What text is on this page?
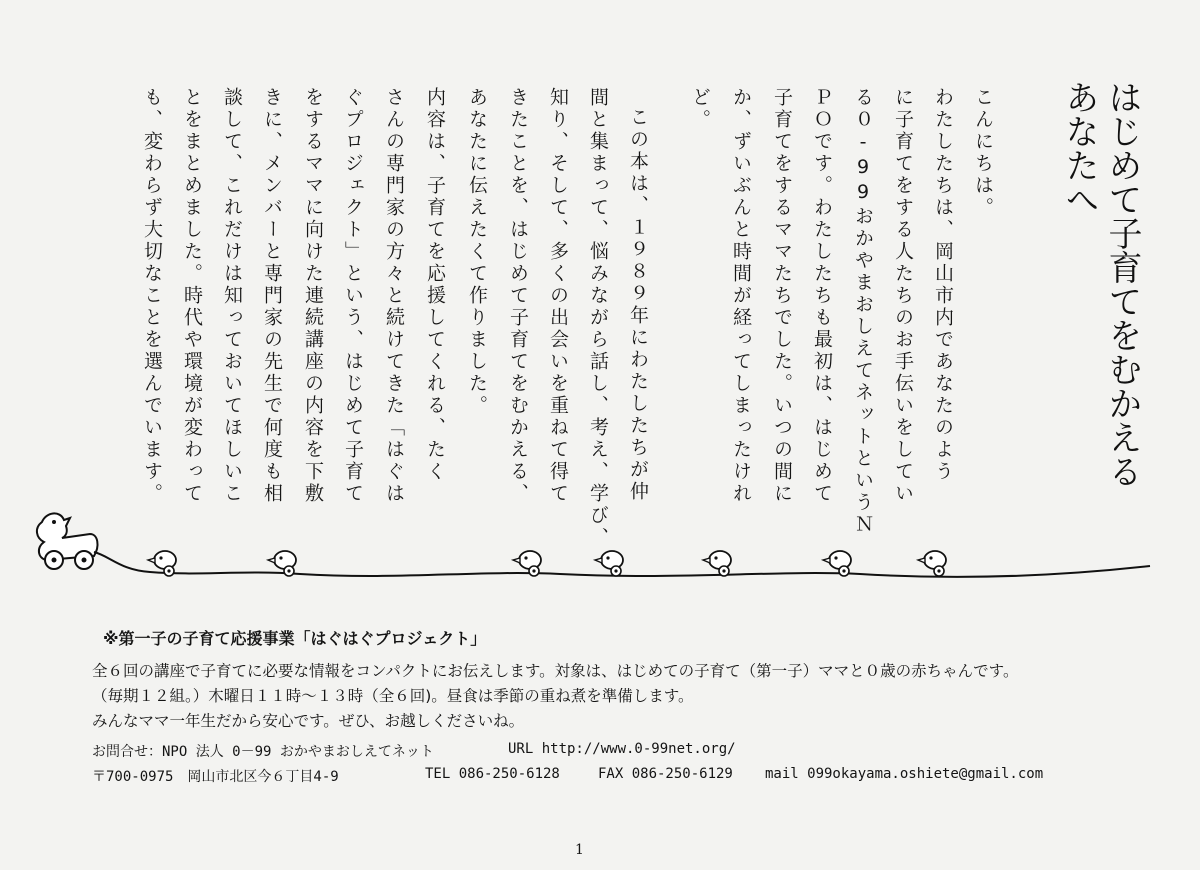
はじめて子育てをむかえる
あなたへ
こんにちは。
わたしたちは、岡山市内であなたのよう
に子育てをする人たちのお手伝いをしてい
る０‐99おかやまおしえてネットというＮ
ＰＯです。わたしたちも最初は、はじめて
子育てをするママたちでした。いつの間に
か、ずいぶんと時間が経ってしまったけれ
ど。
この本は、１９８９年にわたしたちが仲
間と集まって、悩みながら話し、考え、学び、
知り、そして、多くの出会いを重ねて得て
きたことを、はじめて子育てをむかえる、
あなたに伝えたくて作りました。
内容は、子育てを応援してくれる、たく
さんの専門家の方々と続けてきた「はぐは
ぐプロジェクト」という、はじめて子育て
をするママに向けた連続講座の内容を下敷
きに、メンバーと専門家の先生で何度も相
談して、これだけは知っておいてほしいこ
とをまとめました。時代や環境が変わって
も、変わらず大切なことを選んでいます。
※第一子の子育て応援事業「はぐはぐプロジェクト」
全６回の講座で子育てに必要な情報をコンパクトにお伝えします。対象は、はじめての子育て（第一子）ママと０歳の赤ちゃんです。
（毎期１２組。）木曜日１１時～１３時（全６回)。昼食は季節の重ね煮を準備します。
みんなママ一年生だから安心です。ぜひ、お越しくださいね。
お問合せ：NPO 法人 0－99 おかやまおしえてネット	URL http://www.0-99net.org/
〒700-0975　岡山市北区今６丁目4-9	TEL 086-250-6128	FAX 086-250-6129 mail 099okayama.oshiete@gmail.com
1
